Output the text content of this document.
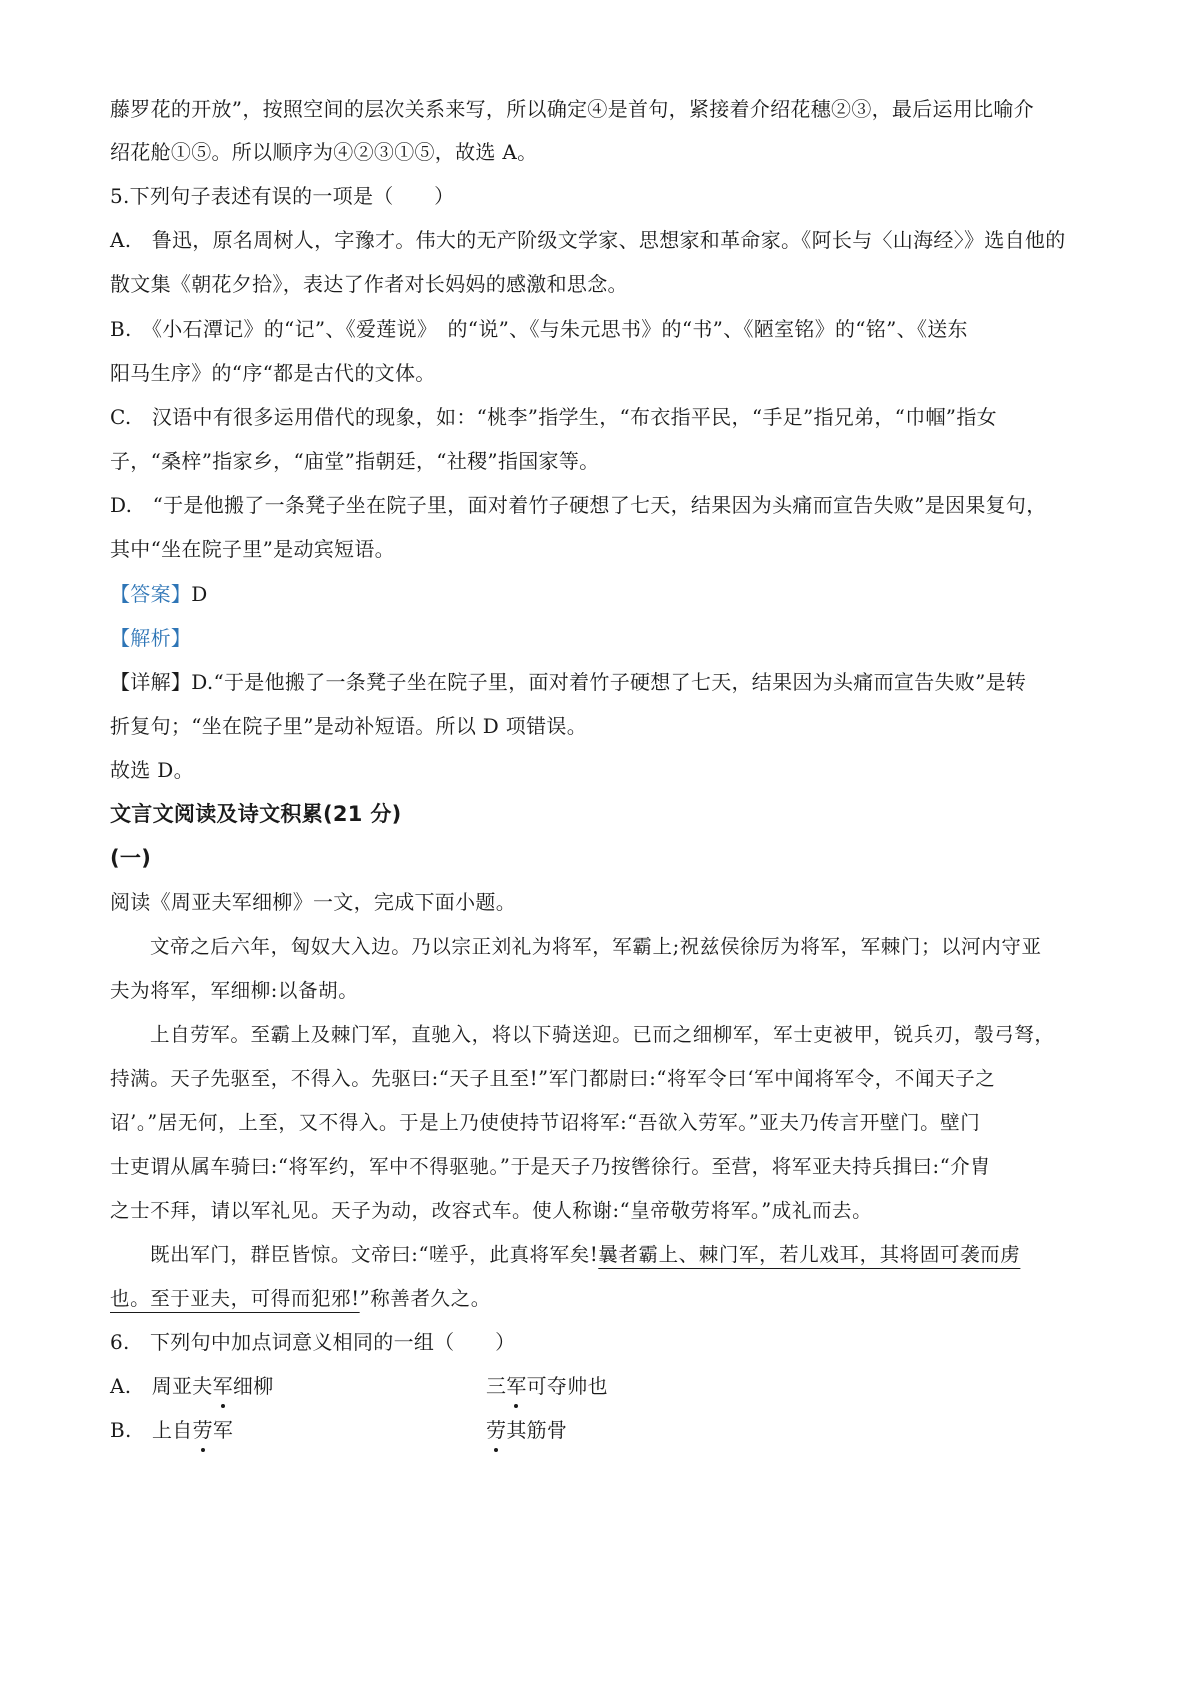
藤罗花的开放”，按照空间的层次关系来写，所以确定④是首句，紧接着介绍花穗②③，最后运用比喻介
绍花舱①⑤。所以顺序为④②③①⑤，故选 A。
5.下列句子表述有误的一项是（　　）
A.　鲁迅，原名周树人，字豫才。伟大的无产阶级文学家、思想家和革命家。《阿长与〈山海经〉》选自他的
散文集《朝花夕拾》，表达了作者对长妈妈的感激和思念。
B.　《小石潭记》的“记”、《爱莲说》　的“说”、《与朱元思书》的“书”、《陋室铭》的“铭”、《送东
阳马生序》的“序“都是古代的文体。
C.　汉语中有很多运用借代的现象，如：“桃李”指学生，“布衣指平民，“手足”指兄弟，“巾帼”指女
子，“桑梓”指家乡，“庙堂”指朝廷，“社稷”指国家等。
D.　“于是他搬了一条凳子坐在院子里，面对着竹子硬想了七天，结果因为头痛而宣告失败”是因果复句，
其中“坐在院子里”是动宾短语。
【答案】D
【解析】
【详解】D.“于是他搬了一条凳子坐在院子里，面对着竹子硬想了七天，结果因为头痛而宣告失败”是转
折复句；“坐在院子里”是动补短语。所以 D 项错误。
故选 D。
文言文阅读及诗文积累(21 分)
(一)
阅读《周亚夫军细柳》一文，完成下面小题。
文帝之后六年，匈奴大入边。乃以宗正刘礼为将军，军霸上;祝兹侯徐厉为将军，军棘门；以河内守亚
夫为将军，军细柳:以备胡。
上自劳军。至霸上及棘门军，直驰入，将以下骑送迎。已而之细柳军，军士吏被甲，锐兵刃，彀弓弩，
持满。天子先驱至，不得入。先驱曰:“天子且至!”军门都尉曰:“将军令曰‘军中闻将军令，不闻天子之
诏’。”居无何，上至，又不得入。于是上乃使使持节诏将军:“吾欲入劳军。”亚夫乃传言开壁门。壁门
士吏谓从属车骑曰:“将军约，军中不得驱驰。”于是天子乃按辔徐行。至营，将军亚夫持兵揖曰:“介胄
之士不拜，请以军礼见。天子为动，改容式车。使人称谢:“皇帝敬劳将军。”成礼而去。
既出军门，群臣皆惊。文帝曰:“嗟乎，此真将军矣!曩者霸上、棘门军，若儿戏耳，其将固可袭而虏
也。至于亚夫，可得而犯邪!”称善者久之。
6.　下列句中加点词意义相同的一组（　　）
A.　周亚夫军细柳	三军可夺帅也
B.　上自劳军	劳其筋骨
